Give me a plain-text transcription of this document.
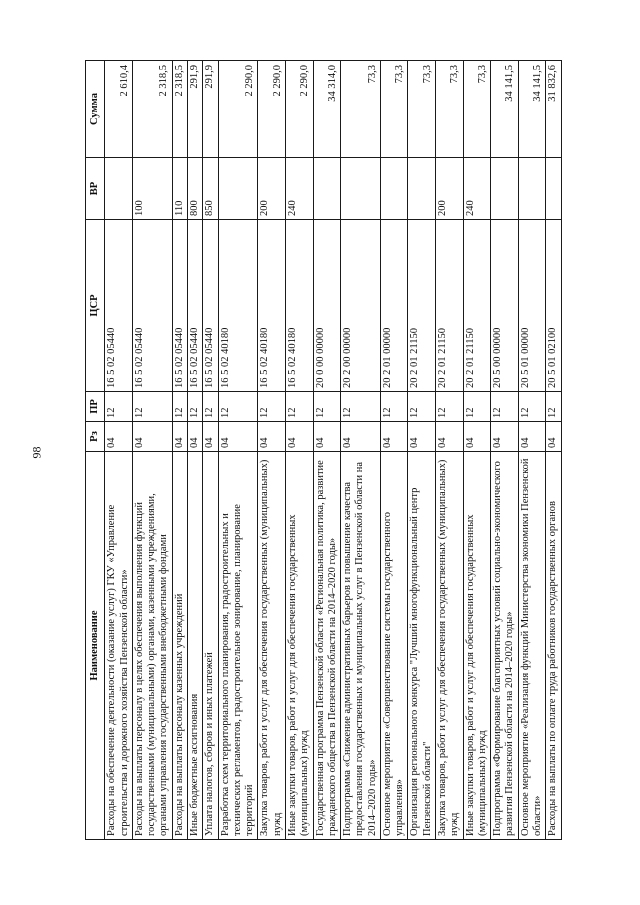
98
Наименование	Рз	ПР	ЦСР	ВР	Сумма
Расходы на обеспечение деятельности (оказание услуг) ГКУ «Управление строительства и дорожного хозяйства Пензенской области»	04	12	16 5 02 05440		2 610,4
Расходы на выплаты персоналу в целях обеспечения выполнения функций государственными (муниципальными) органами, казенными учреждениями, органами управления государственными внебюджетными фондами	04	12	16 5 02 05440	100	2 318,5
Расходы на выплаты персоналу казенных учреждений	04	12	16 5 02 05440	110	2 318,5
Иные бюджетные ассигнования	04	12	16 5 02 05440	800	291,9
Уплата налогов, сборов и иных платежей	04	12	16 5 02 05440	850	291,9
Разработка схем территориального планирования, градостроительных и технических регламентов, градостроительное зонирование, планирование территорий	04	12	16 5 02 40180		2 290,0
Закупка товаров, работ и услуг для обеспечения государственных (муниципальных) нужд	04	12	16 5 02 40180	200	2 290,0
Иные закупки товаров, работ и услуг для обеспечения государственных (муниципальных) нужд	04	12	16 5 02 40180	240	2 290,0
Государственная программа Пензенской области «Региональная политика, развитие гражданского общества в Пензенской области на 2014–2020 годы»	04	12	20 0 00 00000		34 314,0
Подпрограмма «Снижение административных барьеров и повышение качества предоставления государственных и муниципальных услуг в Пензенской области на 2014–2020 годы»	04	12	20 2 00 00000		73,3
Основное мероприятие «Совершенствование системы государственного управления»	04	12	20 2 01 00000		73,3
Организация регионального конкурса "Лучший многофункциональный центр Пензенской области"	04	12	20 2 01 21150		73,3
Закупка товаров, работ и услуг для обеспечения государственных (муниципальных) нужд	04	12	20 2 01 21150	200	73,3
Иные закупки товаров, работ и услуг для обеспечения государственных (муниципальных) нужд	04	12	20 2 01 21150	240	73,3
Подпрограмма «Формирование благоприятных условий социально-экономического развития Пензенской области на 2014–2020 годы»	04	12	20 5 00 00000		34 141,5
Основное мероприятие «Реализация функций Министерства экономики Пензенской области»	04	12	20 5 01 00000		34 141,5
Расходы на выплаты по оплате труда работников государственных органов	04	12	20 5 01 02100		31 832,6
